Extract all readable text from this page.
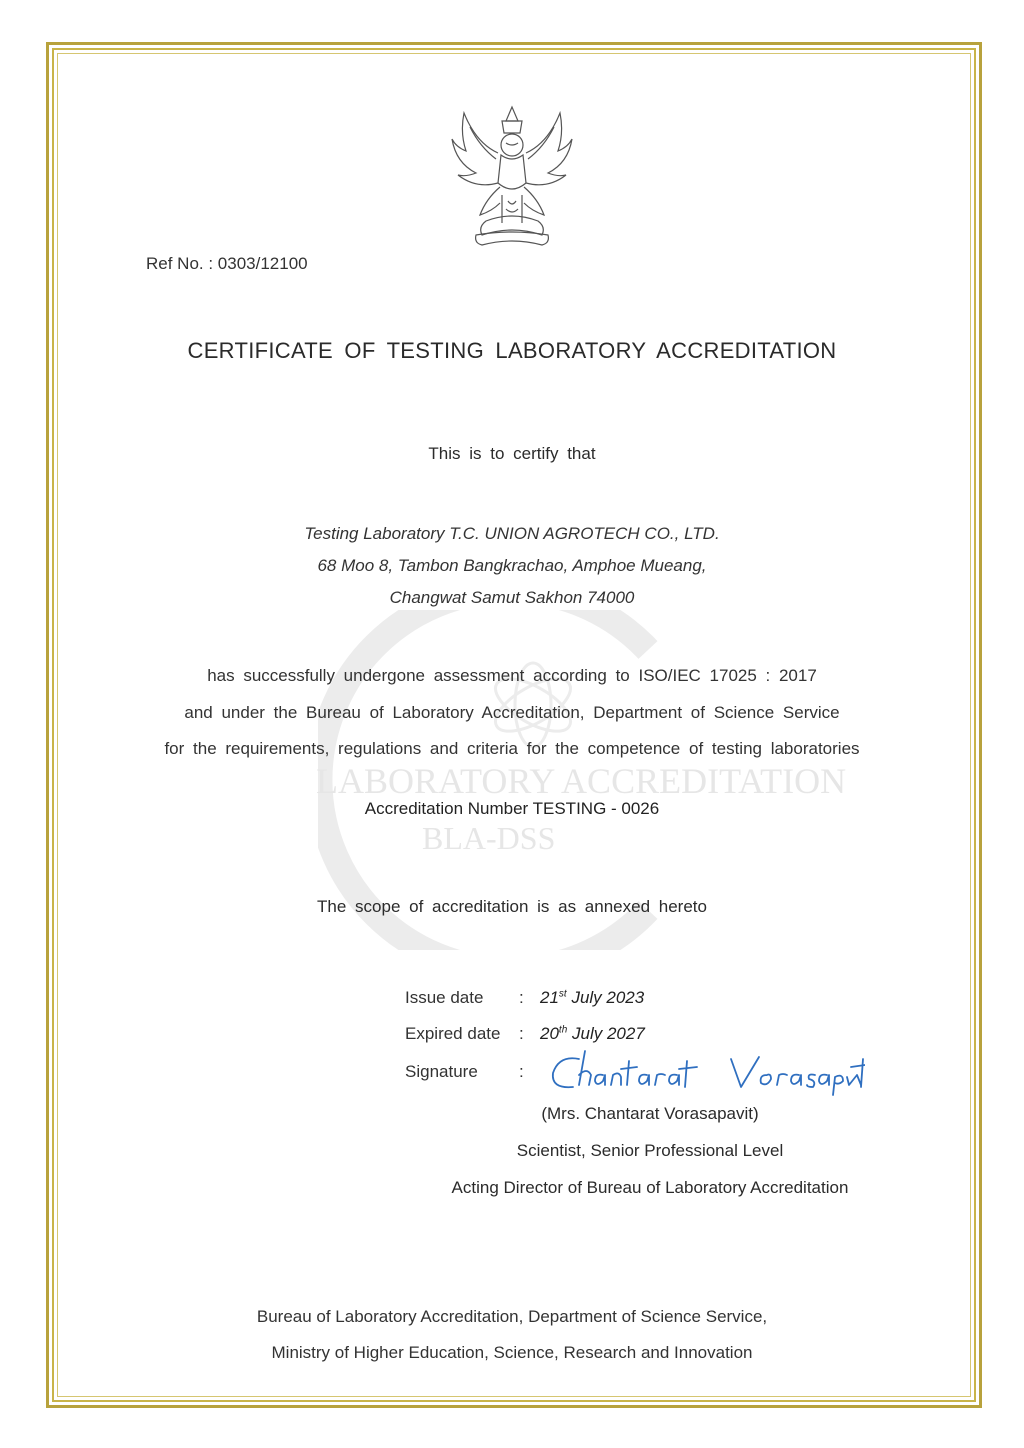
LABORATORY ACCREDITATION
BLA-DSS
Ref No. : 0303/12100
CERTIFICATE OF TESTING LABORATORY ACCREDITATION
This is to certify that
Testing Laboratory T.C. UNION AGROTECH CO., LTD.
68 Moo 8, Tambon Bangkrachao, Amphoe Mueang,
Changwat Samut Sakhon 74000
has successfully undergone assessment according to ISO/IEC 17025 : 2017
and under the Bureau of Laboratory Accreditation, Department of Science Service
for the requirements, regulations and criteria for the competence of testing laboratories
Accreditation Number TESTING - 0026
The scope of accreditation is as annexed hereto
Issue date : 21st July 2023
Expired date : 20th July 2027
Signature :
(Mrs. Chantarat Vorasapavit)
Scientist, Senior Professional Level
Acting Director of Bureau of Laboratory Accreditation
Bureau of Laboratory Accreditation, Department of Science Service,
Ministry of Higher Education, Science, Research and Innovation
